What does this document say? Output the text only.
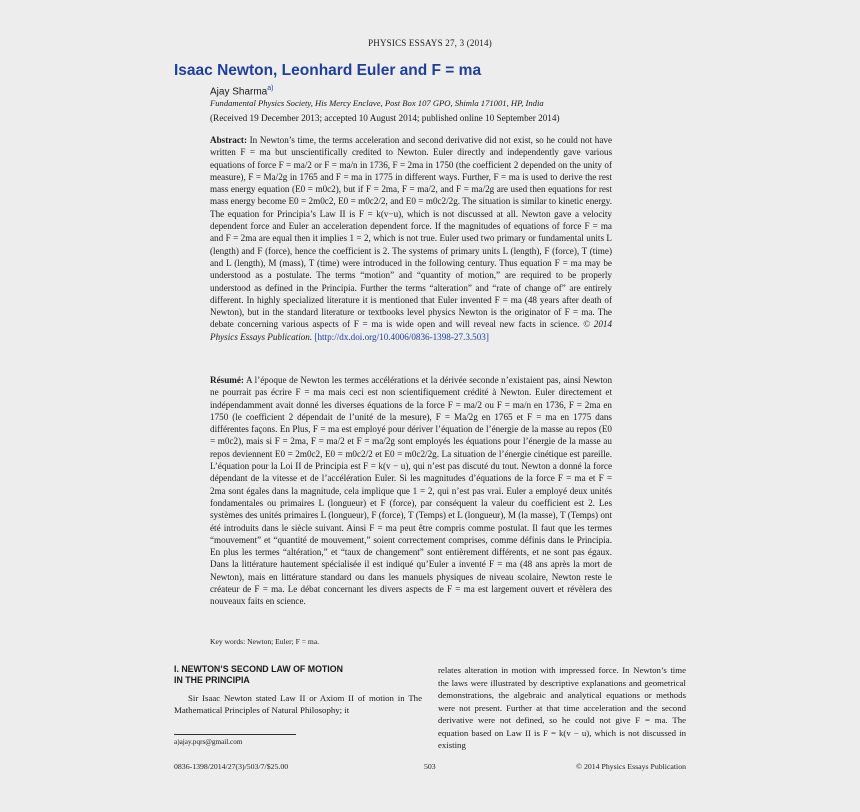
PHYSICS ESSAYS 27, 3 (2014)
Isaac Newton, Leonhard Euler and F = ma
Ajay Sharma$^{a)}$
Fundamental Physics Society, His Mercy Enclave, Post Box 107 GPO, Shimla 171001, HP, India
(Received 19 December 2013; accepted 10 August 2014; published online 10 September 2014)
Abstract: In Newton’s time, the terms acceleration and second derivative did not exist, so he could not have written F = ma but unscientifically credited to Newton. Euler directly and independently gave various equations of force F = ma/2 or F = ma/n in 1736, F = 2ma in 1750 (the coefficient 2 depended on the unity of measure), F = Ma/2g in 1765 and F = ma in 1775 in different ways. Further, F = ma is used to derive the rest mass energy equation (E0 = m0c2), but if F = 2ma, F = ma/2, and F = ma/2g are used then equations for rest mass energy become E0 = 2m0c2, E0 = m0c2/2, and E0 = m0c2/2g. The situation is similar to kinetic energy. The equation for Principia’s Law II is F = k(v−u), which is not discussed at all. Newton gave a velocity dependent force and Euler an acceleration dependent force. If the magnitudes of equations of force F = ma and F = 2ma are equal then it implies 1 = 2, which is not true. Euler used two primary or fundamental units L (length) and F (force), hence the coefficient is 2. The systems of primary units L (length), F (force), T (time) and L (length), M (mass), T (time) were introduced in the following century. Thus equation F = ma may be understood as a postulate. The terms “motion” and “quantity of motion,” are required to be properly understood as defined in the Principia. Further the terms “alteration” and “rate of change of” are entirely different. In highly specialized literature it is mentioned that Euler invented F = ma (48 years after death of Newton), but in the standard literature or textbooks level physics Newton is the originator of F = ma. The debate concerning various aspects of F = ma is wide open and will reveal new facts in science. © 2014 Physics Essays Publication. [http://dx.doi.org/10.4006/0836-1398-27.3.503]
Résumé: A l’époque de Newton les termes accélérations et la dérivée seconde n’existaient pas, ainsi Newton ne pourrait pas écrire F = ma mais ceci est non scientifiquement crédité à Newton. Euler directement et indépendamment avait donné les diverses équations de la force F = ma/2 ou F = ma/n en 1736, F = 2ma en 1750 (le coefficient 2 dépendait de l’unité de la mesure), F = Ma/2g en 1765 et F = ma en 1775 dans différentes façons. En Plus, F = ma est employé pour dériver l’équation de l’énergie de la masse au repos (E0 = m0c2), mais si F = 2ma, F = ma/2 et F = ma/2g sont employés les équations pour l’énergie de la masse au repos deviennent E0 = 2m0c2, E0 = m0c2/2 et E0 = m0c2/2g. La situation de l’énergie cinétique est pareille. L’équation pour la Loi II de Principia est F = k(v − u), qui n’est pas discuté du tout. Newton a donné la force dépendant de la vitesse et de l’accélération Euler. Si les magnitudes d’équations de la force F = ma et F = 2ma sont égales dans la magnitude, cela implique que 1 = 2, qui n’est pas vrai. Euler a employé deux unités fondamentales ou primaires L (longueur) et F (force), par conséquent la valeur du coefficient est 2. Les systèmes des unités primaires L (longueur), F (force), T (Temps) et L (longueur), M (la masse), T (Temps) ont été introduits dans le siècle suivant. Ainsi F = ma peut être compris comme postulat. Il faut que les termes “mouvement” et “quantité de mouvement,” soient correctement comprises, comme définis dans le Principia. En plus les termes “altération,” et “taux de changement” sont entièrement différents, et ne sont pas égaux. Dans la littérature hautement spécialisée il est indiqué qu’Euler a inventé F = ma (48 ans après la mort de Newton), mais en littérature standard ou dans les manuels physiques de niveau scolaire, Newton reste le créateur de F = ma. Le débat concernant les divers aspects de F = ma est largement ouvert et révèlera des nouveaux faits en science.
Key words: Newton; Euler; F = ma.
I. NEWTON’S SECOND LAW OF MOTION
IN THE PRINCIPIA

Sir Isaac Newton stated Law II or Axiom II of motion in The Mathematical Principles of Natural Philosophy; it

relates alteration in motion with impressed force. In Newton’s time the laws were illustrated by descriptive explanations and geometrical demonstrations, the algebraic and analytical equations or methods were not present. Further at that time acceleration and the second derivative were not defined, so he could not give F = ma. The equation based on Law II is F = k(v − u), which is not discussed in existing
a)ajay.pqrs@gmail.com
0836-1398/2014/27(3)/503/7/$25.00	503	© 2014 Physics Essays Publication
